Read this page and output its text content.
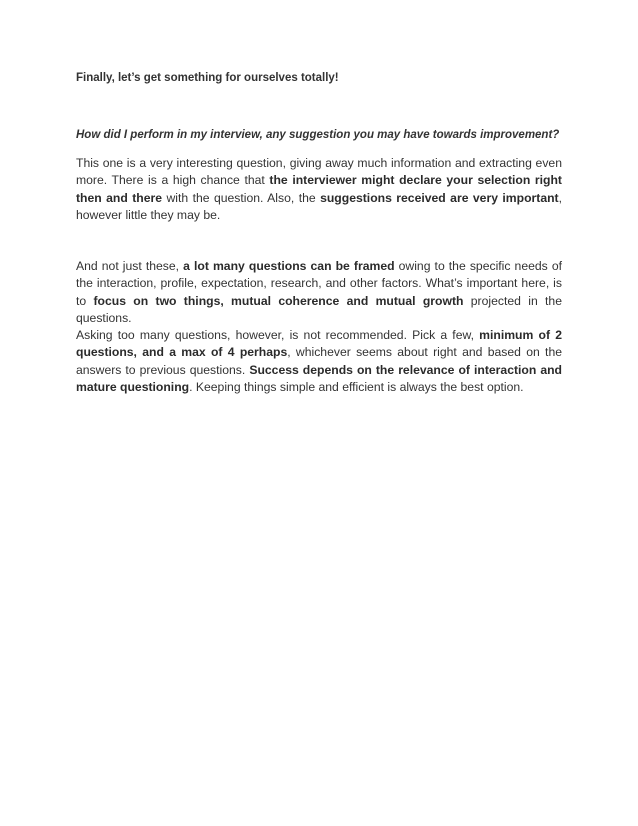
Finally, let’s get something for ourselves totally!
How did I perform in my interview, any suggestion you may have towards improvement?

This one is a very interesting question, giving away much information and extracting even more. There is a high chance that the interviewer might declare your selection right then and there with the question. Also, the suggestions received are very important, however little they may be.

And not just these, a lot many questions can be framed owing to the specific needs of the interaction, profile, expectation, research, and other factors. What’s important here, is to focus on two things, mutual coherence and mutual growth projected in the questions.

Asking too many questions, however, is not recommended. Pick a few, minimum of 2 questions, and a max of 4 perhaps, whichever seems about right and based on the answers to previous questions. Success depends on the relevance of interaction and mature questioning. Keeping things simple and efficient is always the best option.
